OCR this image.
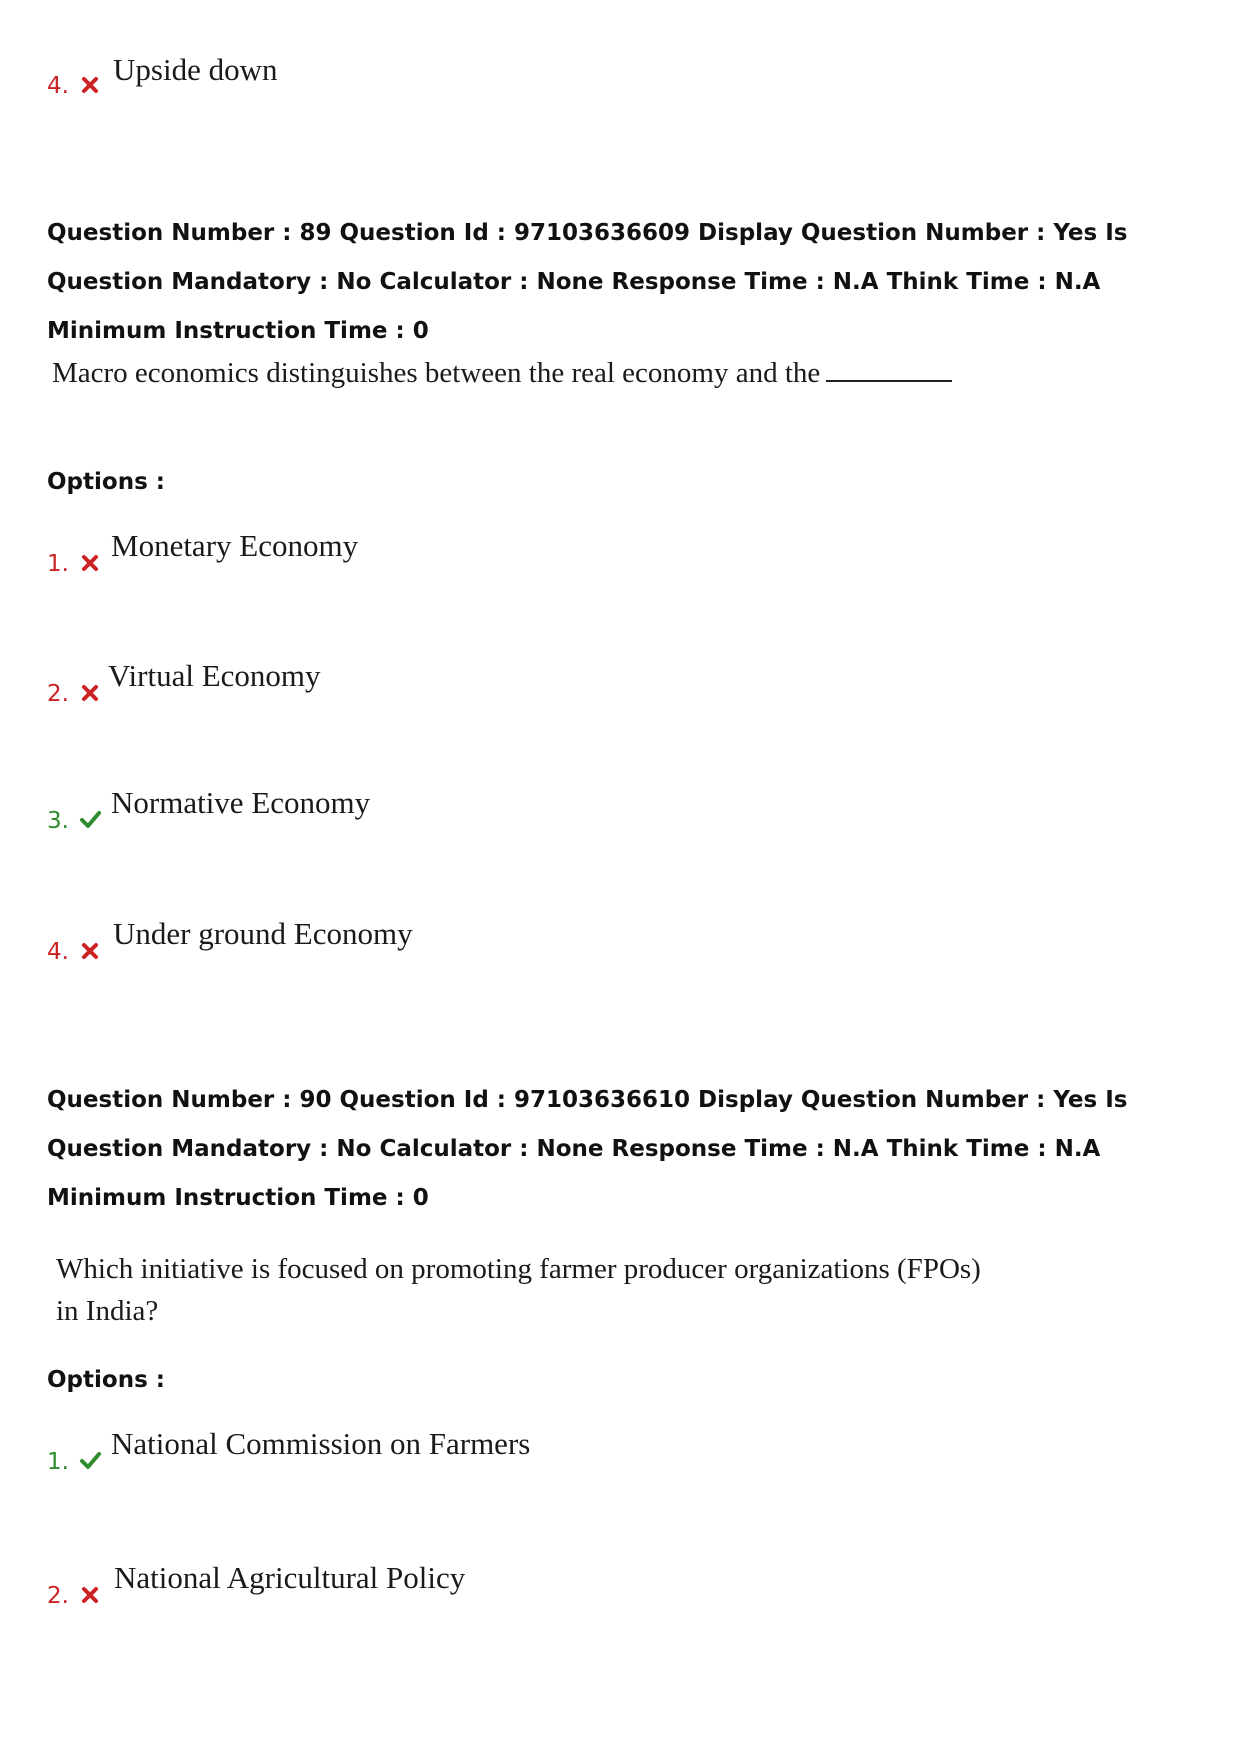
4. Upside down
Question Number : 89 Question Id : 97103636609 Display Question Number : Yes Is Question Mandatory : No Calculator : None Response Time : N.A Think Time : N.A Minimum Instruction Time : 0
Macro economics distinguishes between the real economy and the
Options :
1.
Monetary Economy
2.
Virtual Economy
3.
Normative Economy
4.
Under ground Economy
Question Number : 90 Question Id : 97103636610 Display Question Number : Yes Is Question Mandatory : No Calculator : None Response Time : N.A Think Time : N.A Minimum Instruction Time : 0
Which initiative is focused on promoting farmer producer organizations (FPOs)
in India?
Options :
1.
National Commission on Farmers
2.
National Agricultural Policy
